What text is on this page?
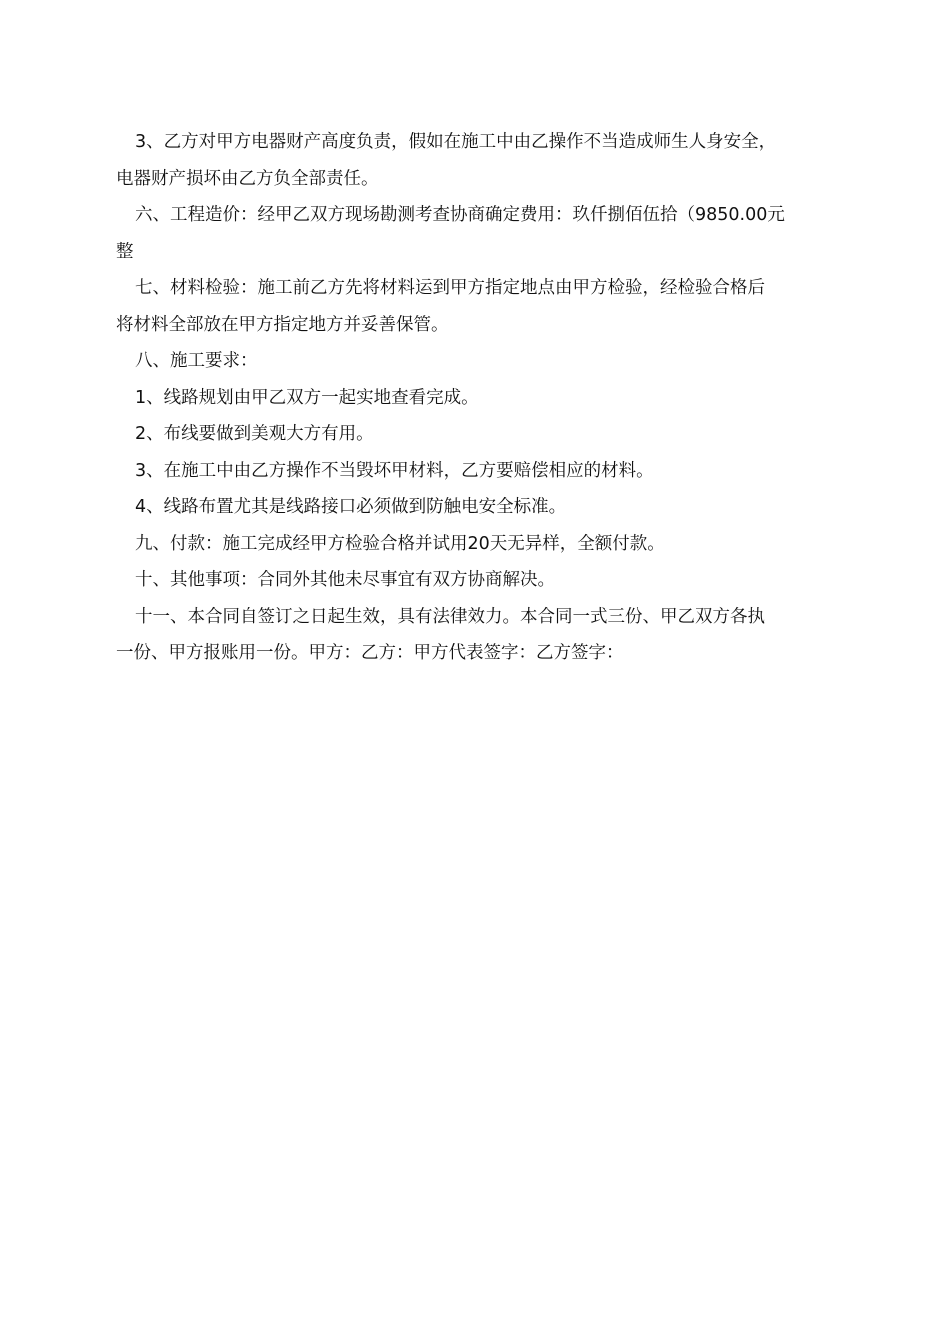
3、乙方对甲方电器财产高度负责，假如在施工中由乙操作不当造成师生人身安全，
电器财产损坏由乙方负全部责任。

六、工程造价：经甲乙双方现场勘测考查协商确定费用：玖仟捌佰伍拾（9850.00元
整

七、材料检验：施工前乙方先将材料运到甲方指定地点由甲方检验，经检验合格后
将材料全部放在甲方指定地方并妥善保管。

八、施工要求：

1、线路规划由甲乙双方一起实地查看完成。

2、布线要做到美观大方有用。

3、在施工中由乙方操作不当毁坏甲材料，乙方要赔偿相应的材料。

4、线路布置尤其是线路接口必须做到防触电安全标准。

九、付款：施工完成经甲方检验合格并试用20天无异样，全额付款。

十、其他事项：合同外其他未尽事宜有双方协商解决。

十一、本合同自签订之日起生效，具有法律效力。本合同一式三份、甲乙双方各执
一份、甲方报账用一份。甲方：乙方：甲方代表签字：乙方签字：
